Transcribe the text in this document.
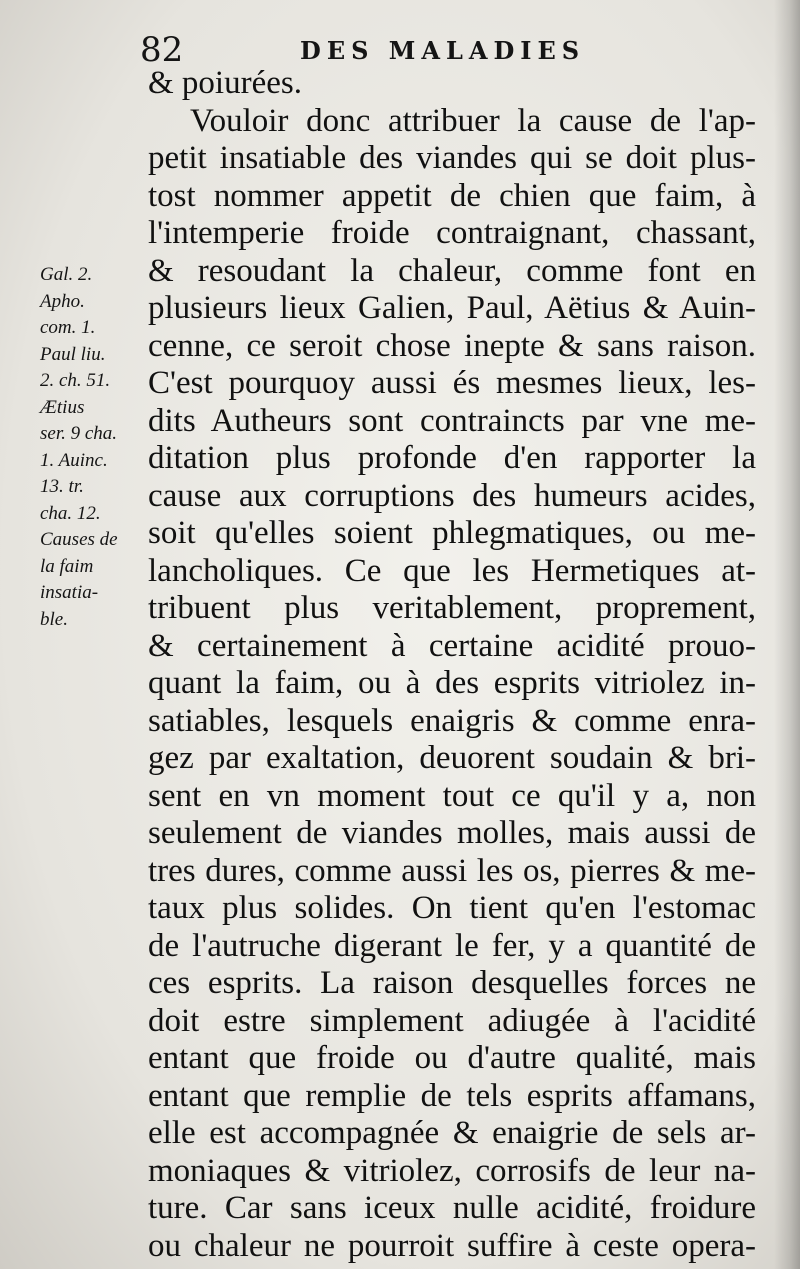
82	DES MALADIES
& poiurées.
Vouloir donc attribuer la cause de l'ap-
petit insatiable des viandes qui se doit plus-
tost nommer appetit de chien que faim, à
l'intemperie froide contraignant, chassant,
& resoudant la chaleur, comme font en
plusieurs lieux Galien, Paul, Aëtius & Auin-
cenne, ce seroit chose inepte & sans raison.
C'est pourquoy aussi és mesmes lieux, les-
dits Autheurs sont contraincts par vne me-
ditation plus profonde d'en rapporter la
cause aux corruptions des humeurs acides,
soit qu'elles soient phlegmatiques, ou me-
lancholiques. Ce que les Hermetiques at-
tribuent plus veritablement, proprement,
& certainement à certaine acidité prouo-
quant la faim, ou à des esprits vitriolez in-
satiables, lesquels enaigris & comme enra-
gez par exaltation, deuorent soudain & bri-
sent en vn moment tout ce qu'il y a, non
seulement de viandes molles, mais aussi de
tres dures, comme aussi les os, pierres & me-
taux plus solides. On tient qu'en l'estomac
de l'autruche digerant le fer, y a quantité de
ces esprits. La raison desquelles forces ne
doit estre simplement adiugée à l'acidité
entant que froide ou d'autre qualité, mais
entant que remplie de tels esprits affamans,
elle est accompagnée & enaigrie de sels ar-
moniaques & vitriolez, corrosifs de leur na-
ture. Car sans iceux nulle acidité, froidure
ou chaleur ne pourroit suffire à ceste opera-
Gal. 2.
Apho.
com. 1.
Paul liu.
2. ch. 51.
Ætius
ser. 9 cha.
1. Auinc.
13. tr.
cha. 12.
Causes de
la faim
insatia-
ble.
